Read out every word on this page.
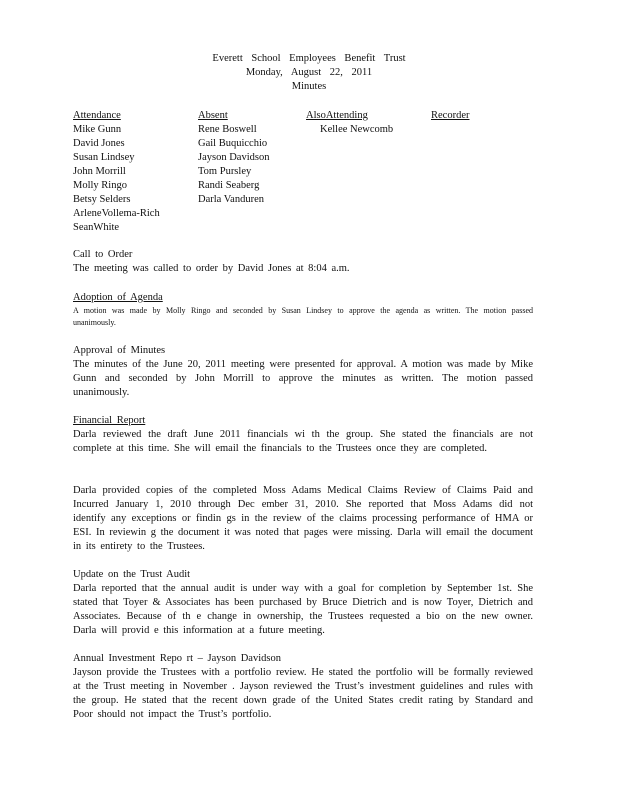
Everett School Employees Benefit Trust
Monday, August 22, 2011
Minutes
Attendance
Mike Gunn
David Jones
Susan Lindsey
John Morrill
Molly Ringo
Betsy Selders
ArleneVollema-Rich
SeanWhite
Absent
Rene Boswell
Gail Buquicchio
Jayson Davidson
Tom Pursley
Randi Seaberg
Darla Vanduren
AlsoAttending
Kellee Newcomb
Recorder
Call to Order

The meeting was called to order by David Jones at 8:04 a.m.

Adoption of Agenda

A motion was made by Molly Ringo and seconded by Susan Lindsey to approve the agenda as written. The motion passed unanimously.

Approval of Minutes

The minutes of the June 20, 2011 meeting were presented for approval. A motion was made by Mike Gunn and seconded by John Morrill to approve the minutes as written. The motion passed unanimously.

Financial Report

Darla reviewed the draft June 2011 financials wi th the group. She stated the financials are not complete at this time. She will email the financials to the Trustees once they are completed.

Darla provided copies of the completed Moss Adams Medical Claims Review of Claims Paid and Incurred January 1, 2010 through Dec ember 31, 2010. She reported that Moss Adams did not identify any exceptions or findin gs in the review of the claims processing performance of HMA or ESI. In reviewin g the document it was noted that pages were missing. Darla will email the document in its entirety to the Trustees.

Update on the Trust Audit

Darla reported that the annual audit is under way with a goal for completion by September 1st. She stated that Toyer & Associates has been purchased by Bruce Dietrich and is now Toyer, Dietrich and Associates. Because of th e change in ownership, the Trustees requested a bio on the new owner. Darla will provid e this information at a future meeting.

Annual Investment Repo rt – Jayson Davidson

Jayson provide the Trustees with a portfolio review. He stated the portfolio will be formally reviewed at the Trust meeting in November . Jayson reviewed the Trust’s investment guidelines and rules with the group. He stated that the recent down grade of the United States credit rating by Standard and Poor should not impact the Trust’s portfolio.
